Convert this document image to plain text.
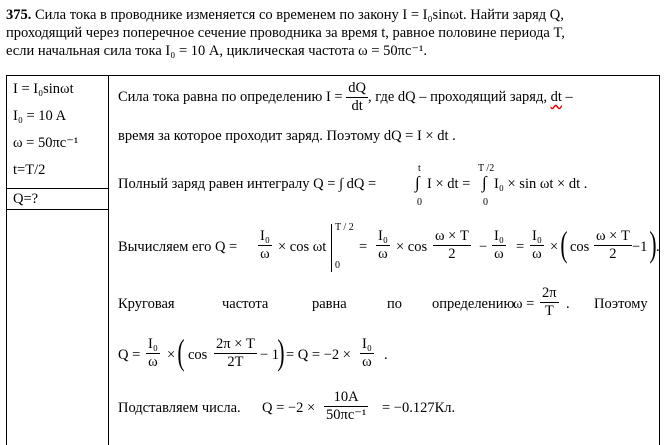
375. Сила тока в проводнике изменяется со временем по закону I = I₀sinωt. Найти заряд Q,
проходящий через поперечное сечение проводника за время t, равное половине периода T,
если начальная сила тока I₀ = 10 А, циклическая частота ω = 50πс⁻¹.
I = I₀sinωt
I₀ = 10 A
ω = 50πc⁻¹
t=T/2
Q=?
Сила тока равна по определению $I = \frac{dQ}{dt}$ , где dQ – проходящий заряд, dt –
время за которое проходит заряд. Поэтому dQ = I × dt .
Полный заряд равен интегралу Q = ∫ dQ =
t
∫
0
I × dt =
T /2
∫
0
I₀ × sin ωt × dt .
Вычисляем его $Q = \frac{\text{I₀}}{\omega} \times \cos \omega t$
T / 2
0
= $\frac{\text{I₀}}{\omega} \times \cos \frac{\omega \times T}{2} - \frac{\text{I₀}}{\omega} = \frac{\text{I₀}}{\omega}$ × ( $\cos \frac{\omega \times T}{2} -1$ ) .
Круговая	частота	равна	по определению
$\omega = \frac{2\pi}{T}$ . Поэтому
$Q = \frac{\text{I₀}}{\omega}$ × ( $\cos \frac{2\pi \times T}{2T} - 1$
) = $Q = -2 \times \frac{\text{I₀}}{\omega}$ .
Подставляем числа. $Q = -2 \times \frac{10A}{\text{50πc⁻¹}} = -0.127Кл$.
